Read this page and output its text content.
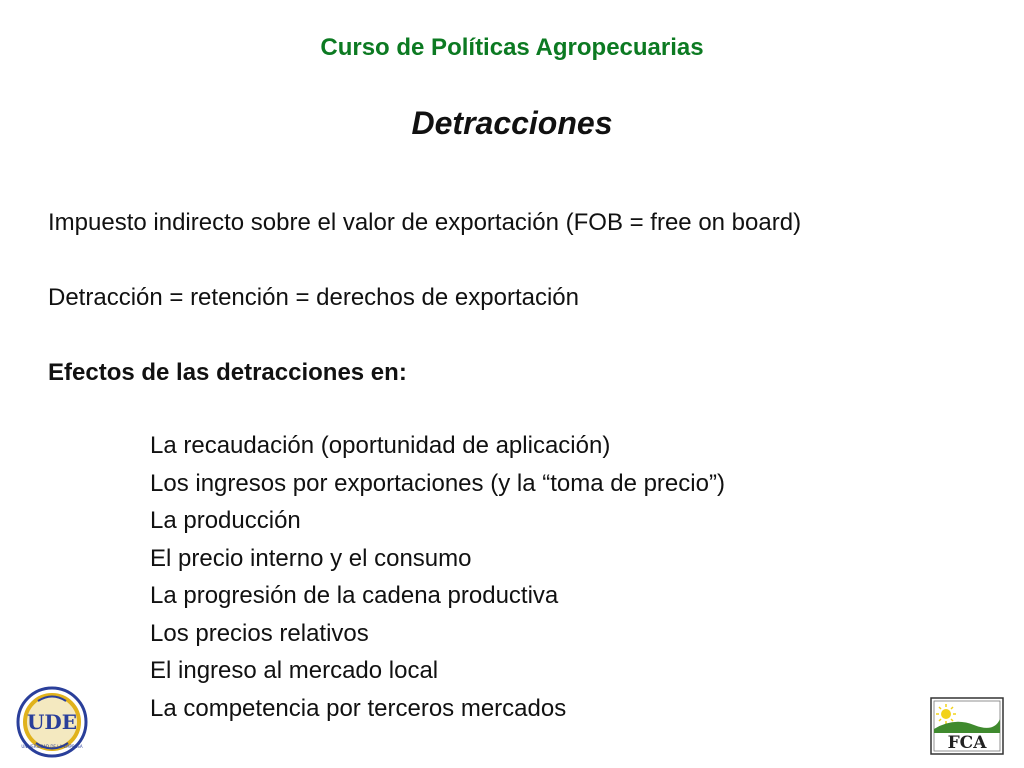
Curso de Políticas Agropecuarias
Detracciones
Impuesto indirecto sobre el valor de exportación (FOB = free on board)
Detracción = retención = derechos de exportación
Efectos de las detracciones en:
La recaudación (oportunidad de aplicación)
Los ingresos por exportaciones (y la “toma de precio”)
La producción
El precio interno y el consumo
La progresión de la cadena productiva
Los precios relativos
El ingreso al mercado local
La competencia por terceros mercados
UDE
UNIVERSIDAD DE LA EMPRESA	FCA
